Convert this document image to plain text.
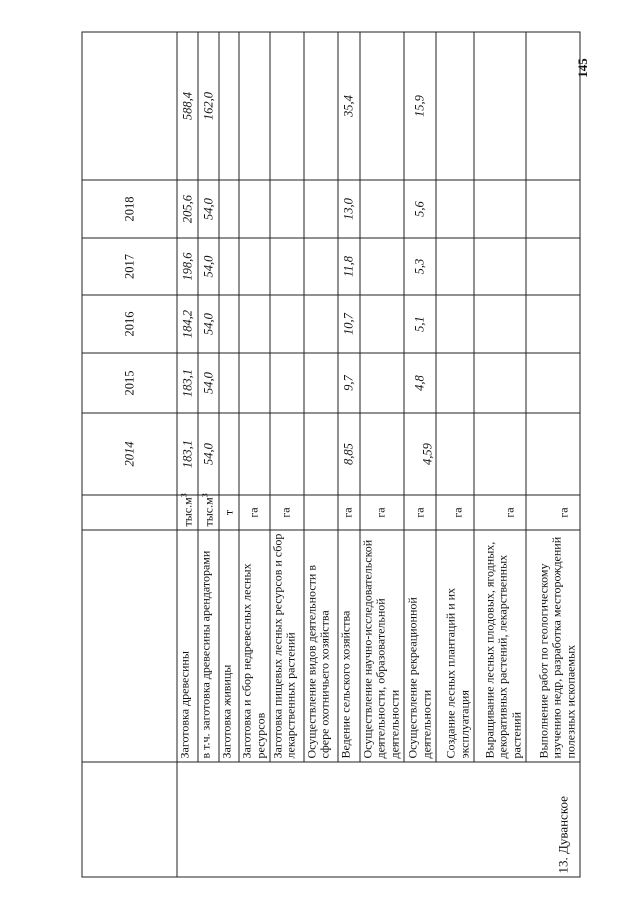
145
			2014	2015	2016	2017	2018	
13. Дуванское	Заготовка древесины	$тыс.м^3$	183,1	183,1	184,2	198,6	205,6	588,4
	в т.ч. заготовка древесины арендаторами	$тыс.м^3$	54,0	54,0	54,0	54,0	54,0	162,0
	Заготовка живицы	т						
	Заготовка и сбор недревесных лесных ресурсов	га						
	Заготовка пищевых лесных ресурсов и сбор лекарственных растений	га						
	Осуществление видов деятельности в сфере охотничьего хозяйства							
	Ведение сельского хозяйства	га	8,85	9,7	10,7	11,8	13,0	35,4
	Осуществление научно-исследовательской деятельности, образовательной деятельности	га						
	Осуществление рекреационной деятельности	га	4,59	4,8	5,1	5,3	5,6	15,9
	Создание лесных плантаций и их эксплуатация	га						
	Выращивание лесных плодовых, ягодных, декоративных растений, лекарственных растений	га						
	Выполнение работ по геологическому изучению недр, разработка месторождений полезных ископаемых	га						
